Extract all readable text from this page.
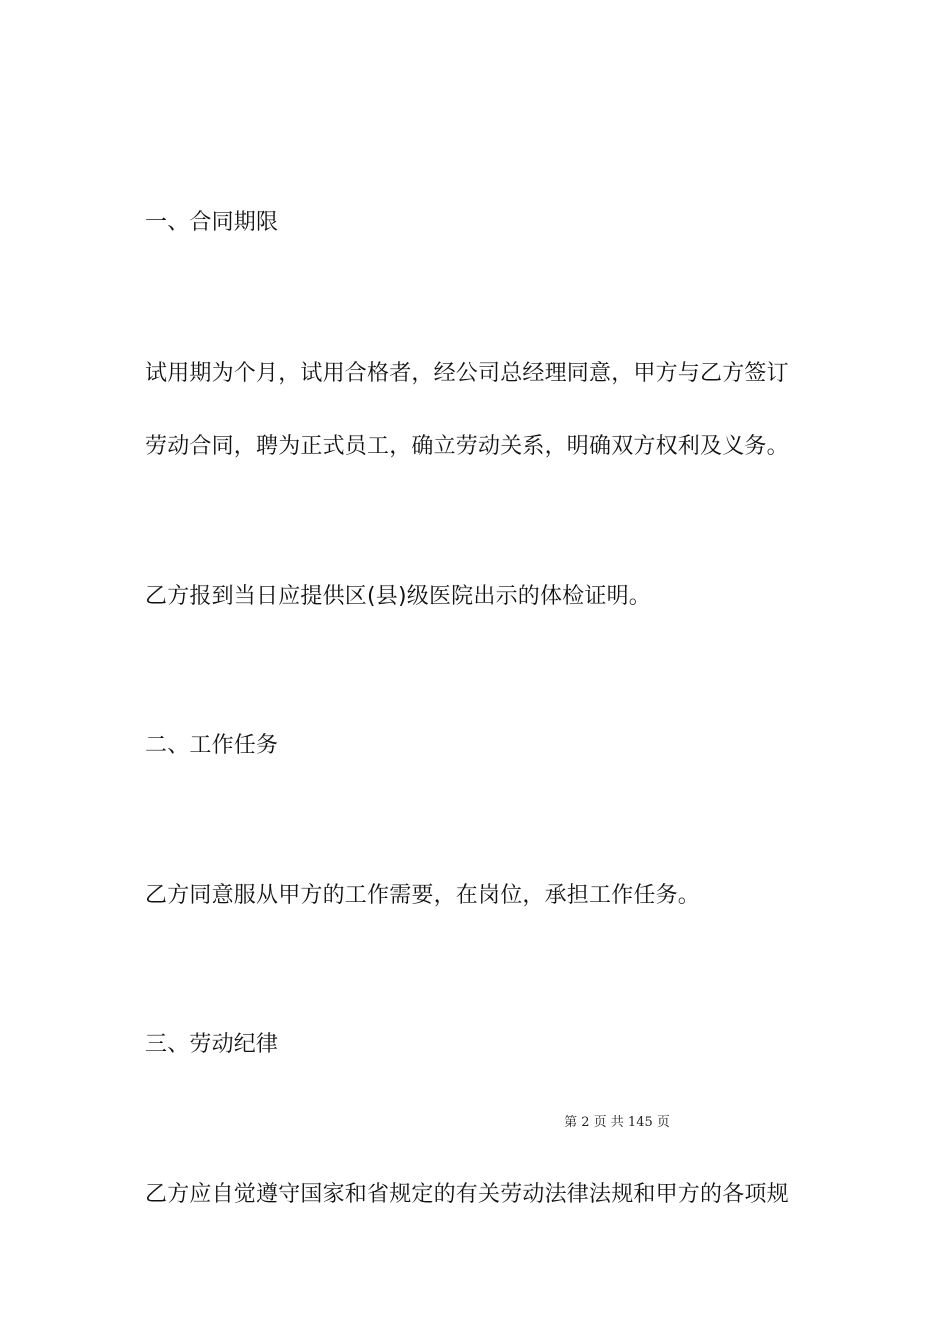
一、合同期限
试用期为个月，试用合格者，经公司总经理同意，甲方与乙方签订
劳动合同，聘为正式员工，确立劳动关系，明确双方权利及义务。
乙方报到当日应提供区(县)级医院出示的体检证明。
二、工作任务
乙方同意服从甲方的工作需要，在岗位，承担工作任务。
三、劳动纪律
第 2 页 共 145 页
乙方应自觉遵守国家和省规定的有关劳动法律法规和甲方的各项规
